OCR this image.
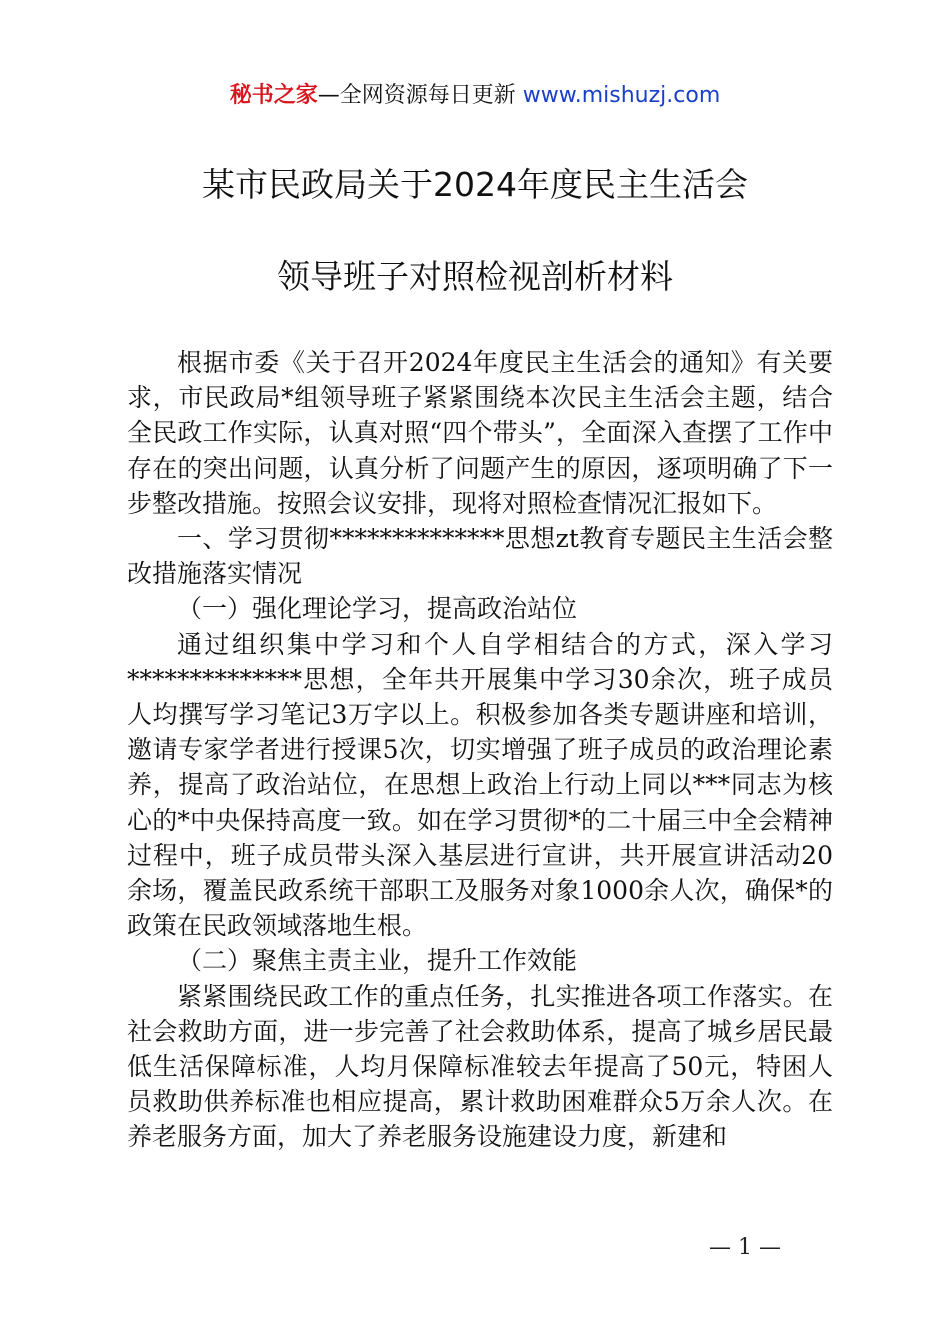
秘书之家—全网资源每日更新 www.mishuzj.com
某市民政局关于2024年度民主生活会
领导班子对照检视剖析材料

根据市委《关于召开2024年度民主生活会的通知》有关要求，市民政局*组领导班子紧紧围绕本次民主生活会主题，结合全民政工作实际，认真对照“四个带头”，全面深入查摆了工作中存在的突出问题，认真分析了问题产生的原因，逐项明确了下一步整改措施。按照会议安排，现将对照检查情况汇报如下。

一、学习贯彻**************思想zt教育专题民主生活会整改措施落实情况

（一）强化理论学习，提高政治站位

通过组织集中学习和个人自学相结合的方式，深入学习**************思想，全年共开展集中学习30余次，班子成员人均撰写学习笔记3万字以上。积极参加各类专题讲座和培训，邀请专家学者进行授课5次，切实增强了班子成员的政治理论素养，提高了政治站位，在思想上政治上行动上同以***同志为核心的*中央保持高度一致。如在学习贯彻*的二十届三中全会精神过程中，班子成员带头深入基层进行宣讲，共开展宣讲活动20余场，覆盖民政系统干部职工及服务对象1000余人次，确保*的政策在民政领域落地生根。

（二）聚焦主责主业，提升工作效能

紧紧围绕民政工作的重点任务，扎实推进各项工作落实。在社会救助方面，进一步完善了社会救助体系，提高了城乡居民最低生活保障标准，人均月保障标准较去年提高了50元，特困人员救助供养标准也相应提高，累计救助困难群众5万余人次。在养老服务方面，加大了养老服务设施建设力度，新建和

— 1 —
